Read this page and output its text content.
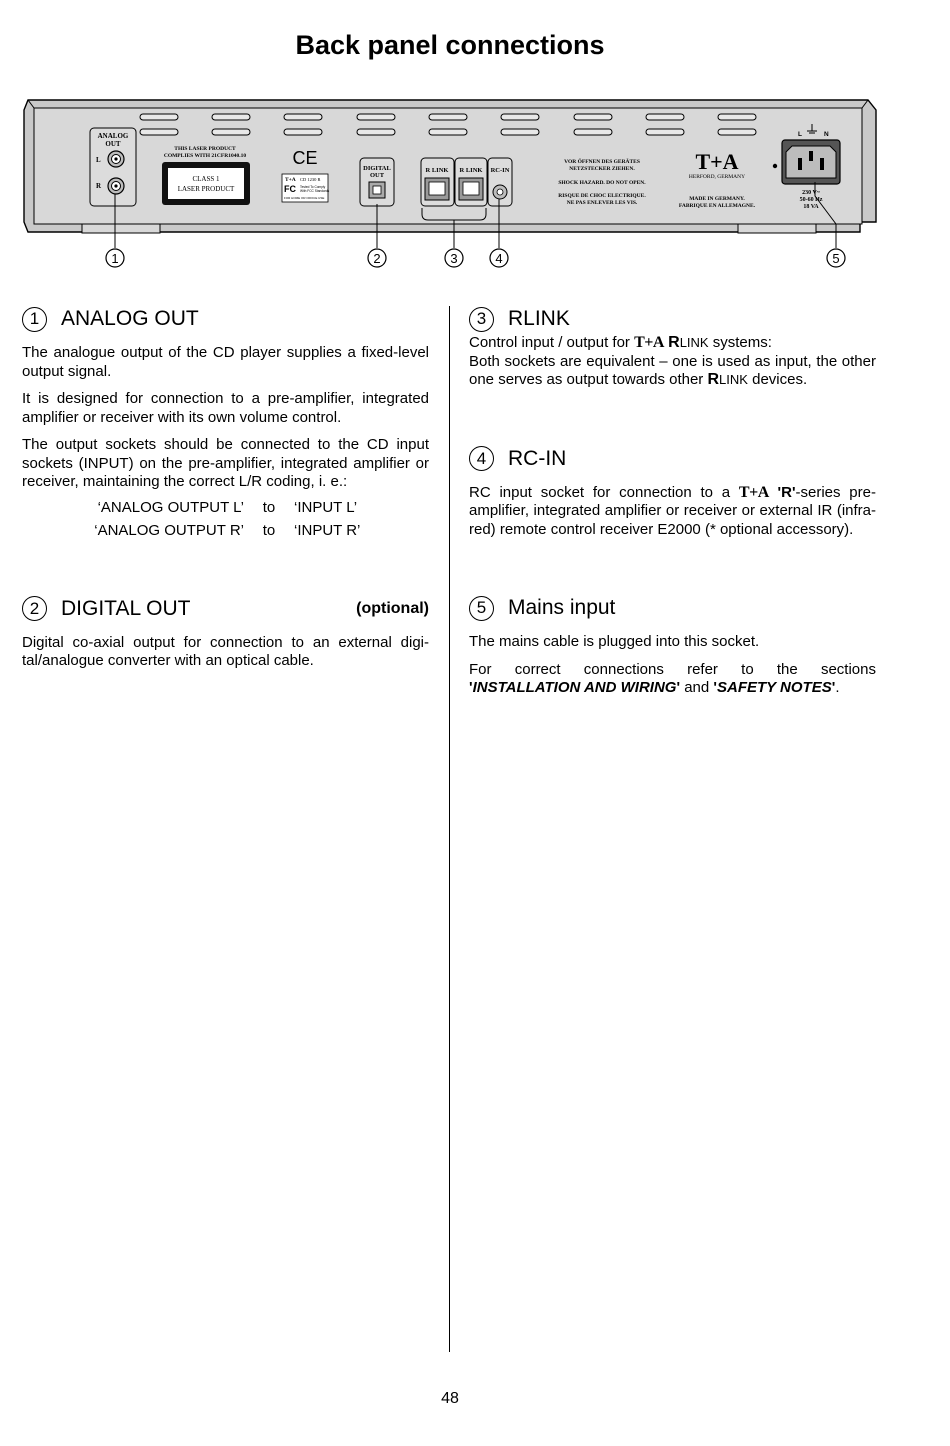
Back panel connections
ANALOG
OUT
L
R
THIS LASER PRODUCT
COMPLIES WITH 21CFR1040.10
CLASS 1
LASER PRODUCT
CE
T+A CD 1230 R
FC Tested To Comply
With FCC Standards
FOR HOME OR OFFICE USE
DIGITAL
OUT
R LINK R LINK RC-IN
VOR ÖFFNEN DES GERÄTES
NETZSTECKER ZIEHEN.
SHOCK HAZARD. DO NOT OPEN.
RISQUE DE CHOC ELECTRIQUE.
NE PAS ENLEVER LES VIS.
T+A
HERFORD, GERMANY
MADE IN GERMANY.
FABRIQUE EN ALLEMAGNE.
L	N
230 V~
50-60 Hz
18 VA
1	2	3	4	5
1	ANALOG OUT

The analogue output of the CD player supplies a fixed-level output signal.

It is designed for connection to a pre-amplifier, integrated amplifier or receiver with its own volume control.

The output sockets should be connected to the CD input sockets (INPUT) on the pre-amplifier, integrated amplifier or receiver, maintaining the correct L/R coding, i. e.:

‘ANALOG OUTPUT L’	to	‘INPUT L’
‘ANALOG OUTPUT R’	to	‘INPUT R’
2	DIGITAL OUT	(optional)

Digital co-axial output for connection to an external digi-tal/analogue converter with an optical cable.

3	RLINK

Control input / output for T+A RLINK systems:
Both sockets are equivalent – one is used as input, the other one serves as output towards other RLINK devices.

4	RC-IN

RC input socket for connection to a T+A 'R'-series pre-amplifier, integrated amplifier or receiver or external IR (infra-red) remote control receiver E2000 (* optional accessory).

5	Mains input

The mains cable is plugged into this socket.

For correct connections refer to the sections 'INSTALLATION AND WIRING' and 'SAFETY NOTES'.

48
